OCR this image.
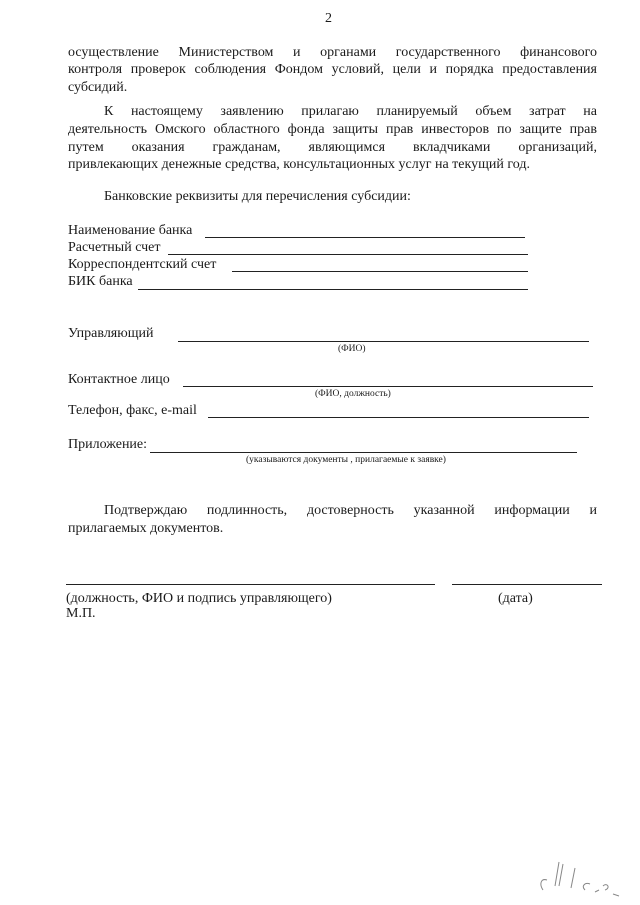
2
осуществление Министерством и органами государственного финансового
контроля проверок соблюдения Фондом условий, цели и порядка предоставления
субсидий.
К настоящему заявлению прилагаю планируемый объем затрат на
деятельность Омского областного фонда защиты прав инвесторов по защите прав
путем оказания гражданам, являющимся вкладчиками организаций,
привлекающих денежные средства, консультационных услуг на текущий год.
Банковские реквизиты для перечисления субсидии:
Наименование банка
Расчетный счет
Корреспондентский счет
БИК банка
Управляющий
(ФИО)
Контактное лицо
(ФИО, должность)
Телефон, факс, e-mail
Приложение:
(указываются документы , прилагаемые к заявке)
Подтверждаю подлинность, достоверность указанной информации и
прилагаемых документов.
(должность, ФИО и подпись управляющего)	(дата)
М.П.
